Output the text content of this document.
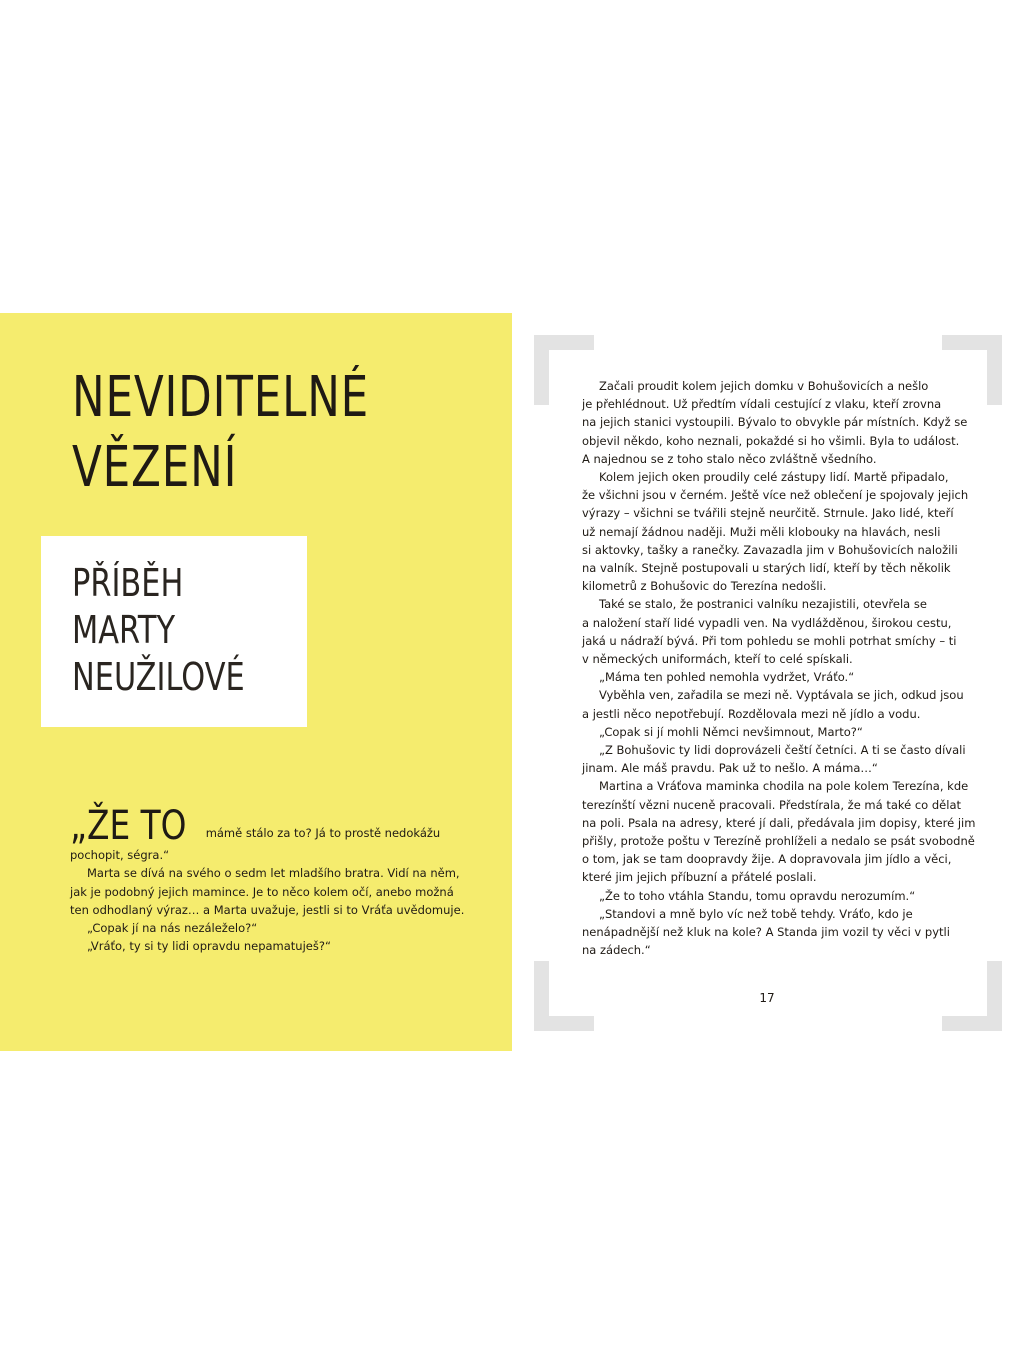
NEVIDITELNÉ
VĚZENÍ
PŘÍBĚH
MARTY
NEUŽILOVÉ
„ŽE TO mámě stálo za to? Já to prostě nedokážu

pochopit, ségra.“

Marta se dívá na svého o sedm let mladšího bratra. Vidí na něm,

jak je podobný jejich mamince. Je to něco kolem očí, anebo možná

ten odhodlaný výraz… a Marta uvažuje, jestli si to Vráťa uvědomuje.

„Copak jí na nás nezáleželo?“

„Vráťo, ty si ty lidi opravdu nepamatuješ?“

Začali proudit kolem jejich domku v Bohušovicích a nešlo

je přehlédnout. Už předtím vídali cestující z vlaku, kteří zrovna

na jejich stanici vystoupili. Bývalo to obvykle pár místních. Když se

objevil někdo, koho neznali, pokaždé si ho všimli. Byla to událost.

A najednou se z toho stalo něco zvláštně všedního.

Kolem jejich oken proudily celé zástupy lidí. Martě připadalo,

že všichni jsou v černém. Ještě více než oblečení je spojovaly jejich

výrazy – všichni se tvářili stejně neurčitě. Strnule. Jako lidé, kteří

už nemají žádnou naději. Muži měli klobouky na hlavách, nesli

si aktovky, tašky a ranečky. Zavazadla jim v Bohušovicích naložili

na valník. Stejně postupovali u starých lidí, kteří by těch několik

kilometrů z Bohušovic do Terezína nedošli.

Také se stalo, že postranici valníku nezajistili, otevřela se

a naložení staří lidé vypadli ven. Na vydlážděnou, širokou cestu,

jaká u nádraží bývá. Při tom pohledu se mohli potrhat smíchy – ti

v německých uniformách, kteří to celé spískali.

„Máma ten pohled nemohla vydržet, Vráťo.“

Vyběhla ven, zařadila se mezi ně. Vyptávala se jich, odkud jsou

a jestli něco nepotřebují. Rozdělovala mezi ně jídlo a vodu.

„Copak si jí mohli Němci nevšimnout, Marto?“

„Z Bohušovic ty lidi doprovázeli čeští četníci. A ti se často dívali

jinam. Ale máš pravdu. Pak už to nešlo. A máma…“

Martina a Vráťova maminka chodila na pole kolem Terezína, kde

terezínští vězni nuceně pracovali. Předstírala, že má také co dělat

na poli. Psala na adresy, které jí dali, předávala jim dopisy, které jim

přišly, protože poštu v Terezíně prohlíželi a nedalo se psát svobodně

o tom, jak se tam doopravdy žije. A dopravovala jim jídlo a věci,

které jim jejich příbuzní a přátelé poslali.

„Že to toho vtáhla Standu, tomu opravdu nerozumím.“

„Standovi a mně bylo víc než tobě tehdy. Vráťo, kdo je

nenápadnější než kluk na kole? A Standa jim vozil ty věci v pytli

na zádech.“

17
